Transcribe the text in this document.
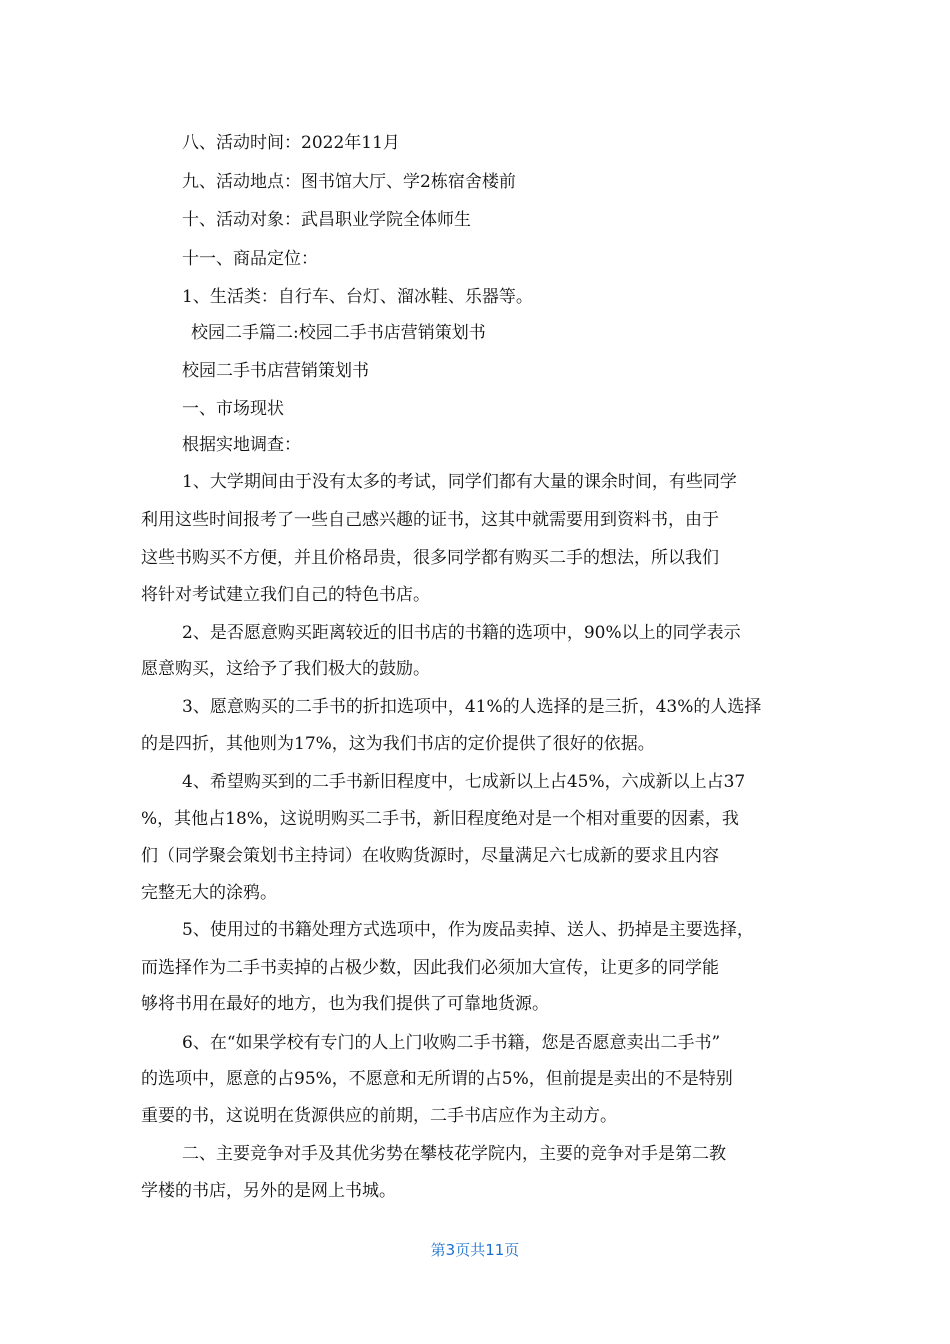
八、活动时间：2022年11月
九、活动地点：图书馆大厅、学2栋宿舍楼前
十、活动对象：武昌职业学院全体师生
十一、商品定位：
1、生活类：自行车、台灯、溜冰鞋、乐器等。
校园二手篇二:校园二手书店营销策划书
校园二手书店营销策划书
一、市场现状
根据实地调查：
1、大学期间由于没有太多的考试，同学们都有大量的课余时间，有些同学
利用这些时间报考了一些自己感兴趣的证书，这其中就需要用到资料书，由于
这些书购买不方便，并且价格昂贵，很多同学都有购买二手的想法，所以我们
将针对考试建立我们自己的特色书店。
2、是否愿意购买距离较近的旧书店的书籍的选项中，90%以上的同学表示
愿意购买，这给予了我们极大的鼓励。
3、愿意购买的二手书的折扣选项中，41%的人选择的是三折，43%的人选择
的是四折，其他则为17%，这为我们书店的定价提供了很好的依据。
4、希望购买到的二手书新旧程度中，七成新以上占45%，六成新以上占37
%，其他占18%，这说明购买二手书，新旧程度绝对是一个相对重要的因素，我
们（同学聚会策划书主持词）在收购货源时，尽量满足六七成新的要求且内容
完整无大的涂鸦。
5、使用过的书籍处理方式选项中，作为废品卖掉、送人、扔掉是主要选择，
而选择作为二手书卖掉的占极少数，因此我们必须加大宣传，让更多的同学能
够将书用在最好的地方，也为我们提供了可靠地货源。
6、在“如果学校有专门的人上门收购二手书籍，您是否愿意卖出二手书”
的选项中，愿意的占95%，不愿意和无所谓的占5%，但前提是卖出的不是特别
重要的书，这说明在货源供应的前期，二手书店应作为主动方。
二、主要竞争对手及其优劣势在攀枝花学院内，主要的竞争对手是第二教
学楼的书店，另外的是网上书城。
第3页共11页
